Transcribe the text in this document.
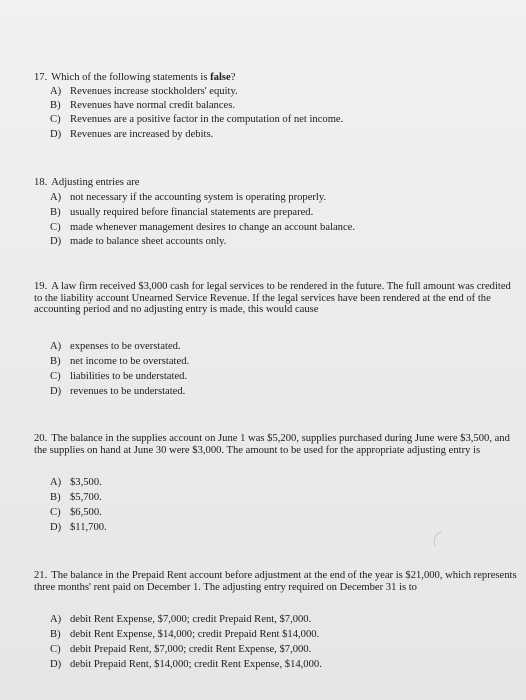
17. Which of the following statements is false?
A) Revenues increase stockholders' equity.
B) Revenues have normal credit balances.
C) Revenues are a positive factor in the computation of net income.
D) Revenues are increased by debits.
18. Adjusting entries are
A) not necessary if the accounting system is operating properly.
B) usually required before financial statements are prepared.
C) made whenever management desires to change an account balance.
D) made to balance sheet accounts only.
19. A law firm received $3,000 cash for legal services to be rendered in the future. The full amount was credited to the liability account Unearned Service Revenue. If the legal services have been rendered at the end of the accounting period and no adjusting entry is made, this would cause
A) expenses to be overstated.
B) net income to be overstated.
C) liabilities to be understated.
D) revenues to be understated.
20. The balance in the supplies account on June 1 was $5,200, supplies purchased during June were $3,500, and the supplies on hand at June 30 were $3,000. The amount to be used for the appropriate adjusting entry is
A) $3,500.
B) $5,700.
C) $6,500.
D) $11,700.
21. The balance in the Prepaid Rent account before adjustment at the end of the year is $21,000, which represents three months' rent paid on December 1. The adjusting entry required on December 31 is to
A) debit Rent Expense, $7,000; credit Prepaid Rent, $7,000.
B) debit Rent Expense, $14,000; credit Prepaid Rent $14,000.
C) debit Prepaid Rent, $7,000; credit Rent Expense, $7,000.
D) debit Prepaid Rent, $14,000; credit Rent Expense, $14,000.
